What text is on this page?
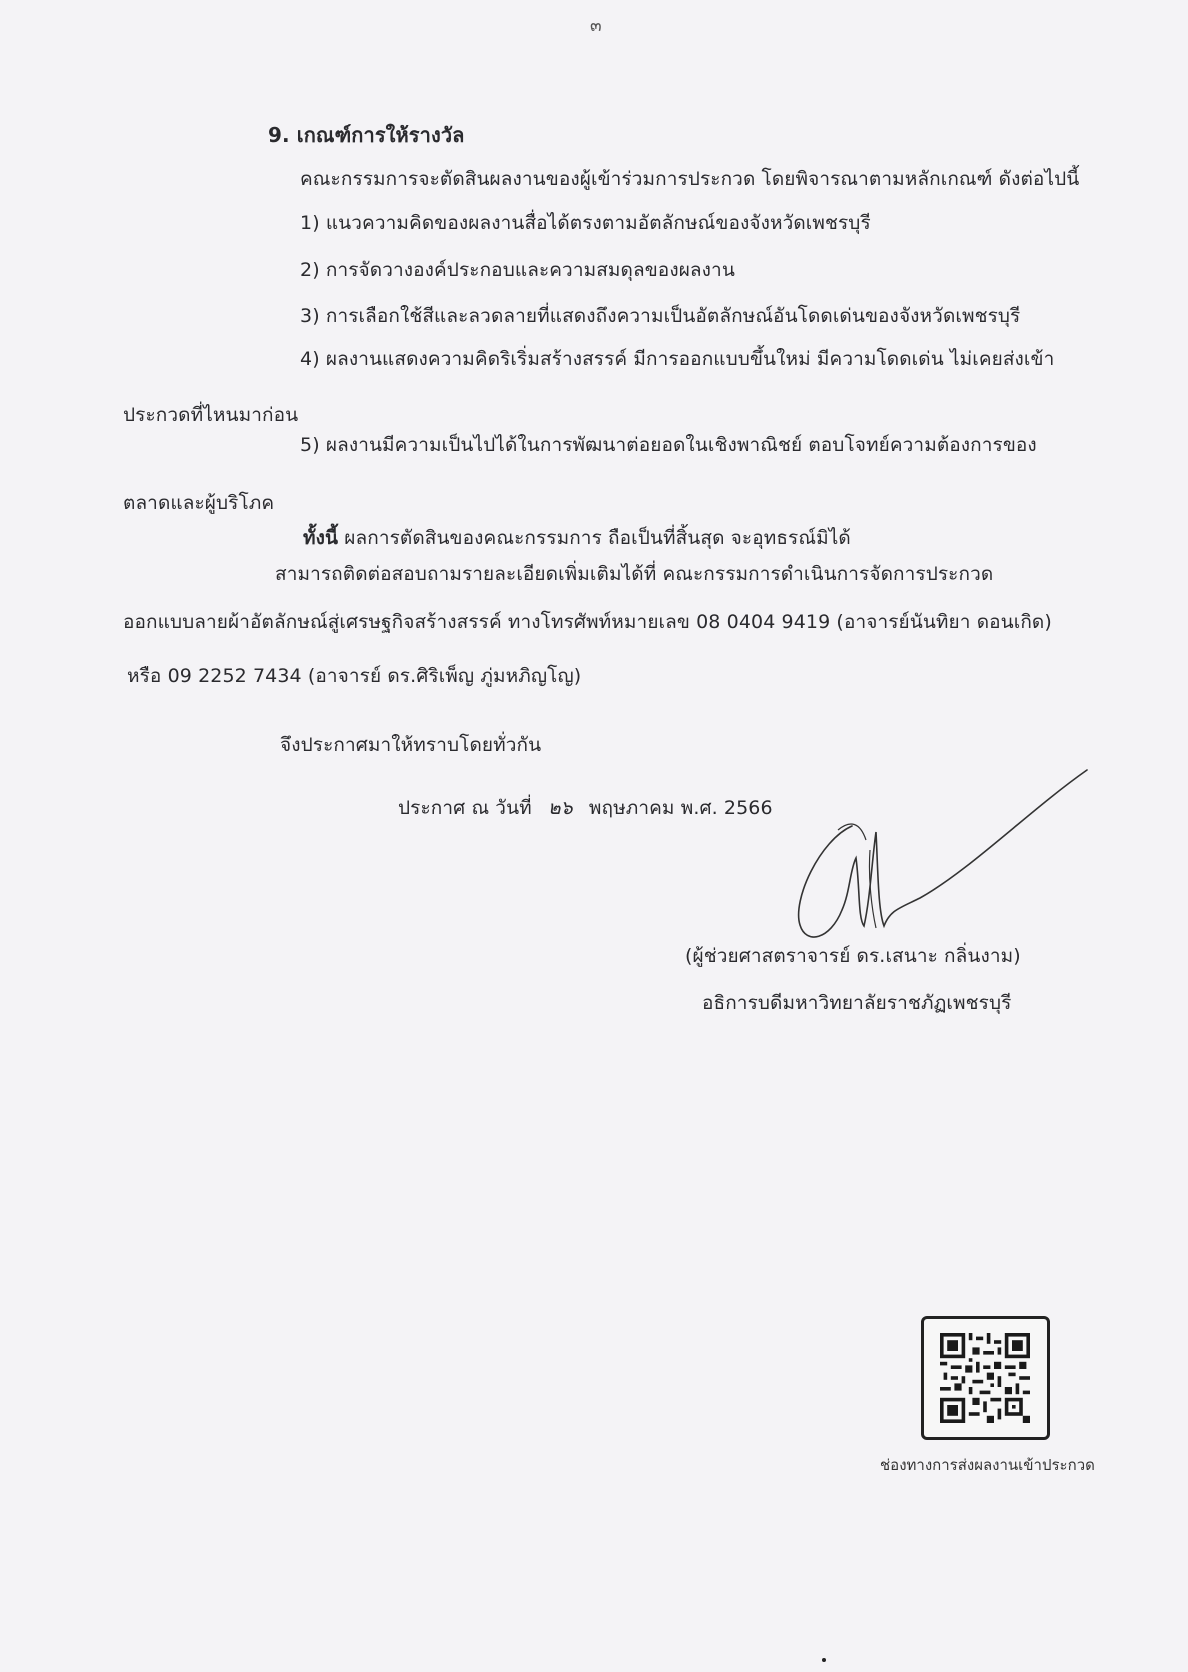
๓
9. เกณฑ์การให้รางวัล
คณะกรรมการจะตัดสินผลงานของผู้เข้าร่วมการประกวด โดยพิจารณาตามหลักเกณฑ์ ดังต่อไปนี้
1) แนวความคิดของผลงานสื่อได้ตรงตามอัตลักษณ์ของจังหวัดเพชรบุรี
2) การจัดวางองค์ประกอบและความสมดุลของผลงาน
3) การเลือกใช้สีและลวดลายที่แสดงถึงความเป็นอัตลักษณ์อันโดดเด่นของจังหวัดเพชรบุรี
4) ผลงานแสดงความคิดริเริ่มสร้างสรรค์ มีการออกแบบขึ้นใหม่ มีความโดดเด่น ไม่เคยส่งเข้า
ประกวดที่ไหนมาก่อน
5) ผลงานมีความเป็นไปได้ในการพัฒนาต่อยอดในเชิงพาณิชย์ ตอบโจทย์ความต้องการของ
ตลาดและผู้บริโภค
ทั้งนี้ ผลการตัดสินของคณะกรรมการ ถือเป็นที่สิ้นสุด จะอุทธรณ์มิได้
สามารถติดต่อสอบถามรายละเอียดเพิ่มเติมได้ที่ คณะกรรมการดำเนินการจัดการประกวด
ออกแบบลายผ้าอัตลักษณ์สู่เศรษฐกิจสร้างสรรค์ ทางโทรศัพท์หมายเลข 08 0404 9419 (อาจารย์นันทิยา ดอนเกิด)
หรือ 09 2252 7434 (อาจารย์ ดร.ศิริเพ็ญ ภู่มหภิญโญ)
จึงประกาศมาให้ทราบโดยทั่วกัน
ประกาศ ณ วันที่ ๒๖ พฤษภาคม พ.ศ. 2566
(ผู้ช่วยศาสตราจารย์ ดร.เสนาะ กลิ่นงาม)
อธิการบดีมหาวิทยาลัยราชภัฏเพชรบุรี
ช่องทางการส่งผลงานเข้าประกวด
